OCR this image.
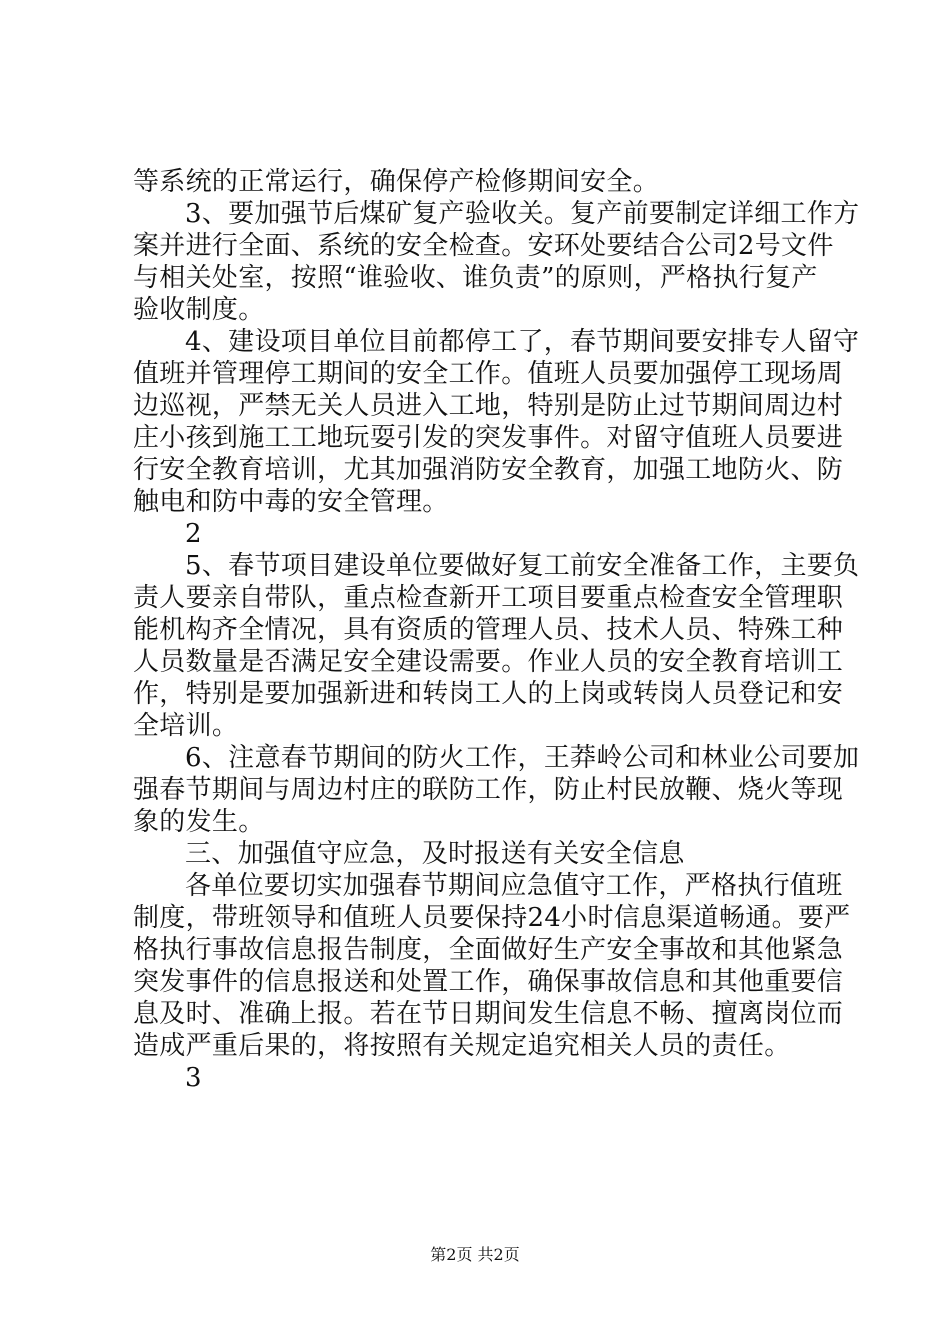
等系统的正常运行，确保停产检修期间安全。
3、要加强节后煤矿复产验收关。复产前要制定详细工作方
案并进行全面、系统的安全检查。安环处要结合公司2号文件
与相关处室，按照“谁验收、谁负责”的原则，严格执行复产
验收制度。
4、建设项目单位目前都停工了，春节期间要安排专人留守
值班并管理停工期间的安全工作。值班人员要加强停工现场周
边巡视，严禁无关人员进入工地，特别是防止过节期间周边村
庄小孩到施工工地玩耍引发的突发事件。对留守值班人员要进
行安全教育培训，尤其加强消防安全教育，加强工地防火、防
触电和防中毒的安全管理。
2
5、春节项目建设单位要做好复工前安全准备工作，主要负
责人要亲自带队，重点检查新开工项目要重点检查安全管理职
能机构齐全情况，具有资质的管理人员、技术人员、特殊工种
人员数量是否满足安全建设需要。作业人员的安全教育培训工
作，特别是要加强新进和转岗工人的上岗或转岗人员登记和安
全培训。
6、注意春节期间的防火工作，王莽岭公司和林业公司要加
强春节期间与周边村庄的联防工作，防止村民放鞭、烧火等现
象的发生。
三、加强值守应急，及时报送有关安全信息
各单位要切实加强春节期间应急值守工作，严格执行值班
制度，带班领导和值班人员要保持24小时信息渠道畅通。要严
格执行事故信息报告制度，全面做好生产安全事故和其他紧急
突发事件的信息报送和处置工作，确保事故信息和其他重要信
息及时、准确上报。若在节日期间发生信息不畅、擅离岗位而
造成严重后果的，将按照有关规定追究相关人员的责任。
3
第2页 共2页
